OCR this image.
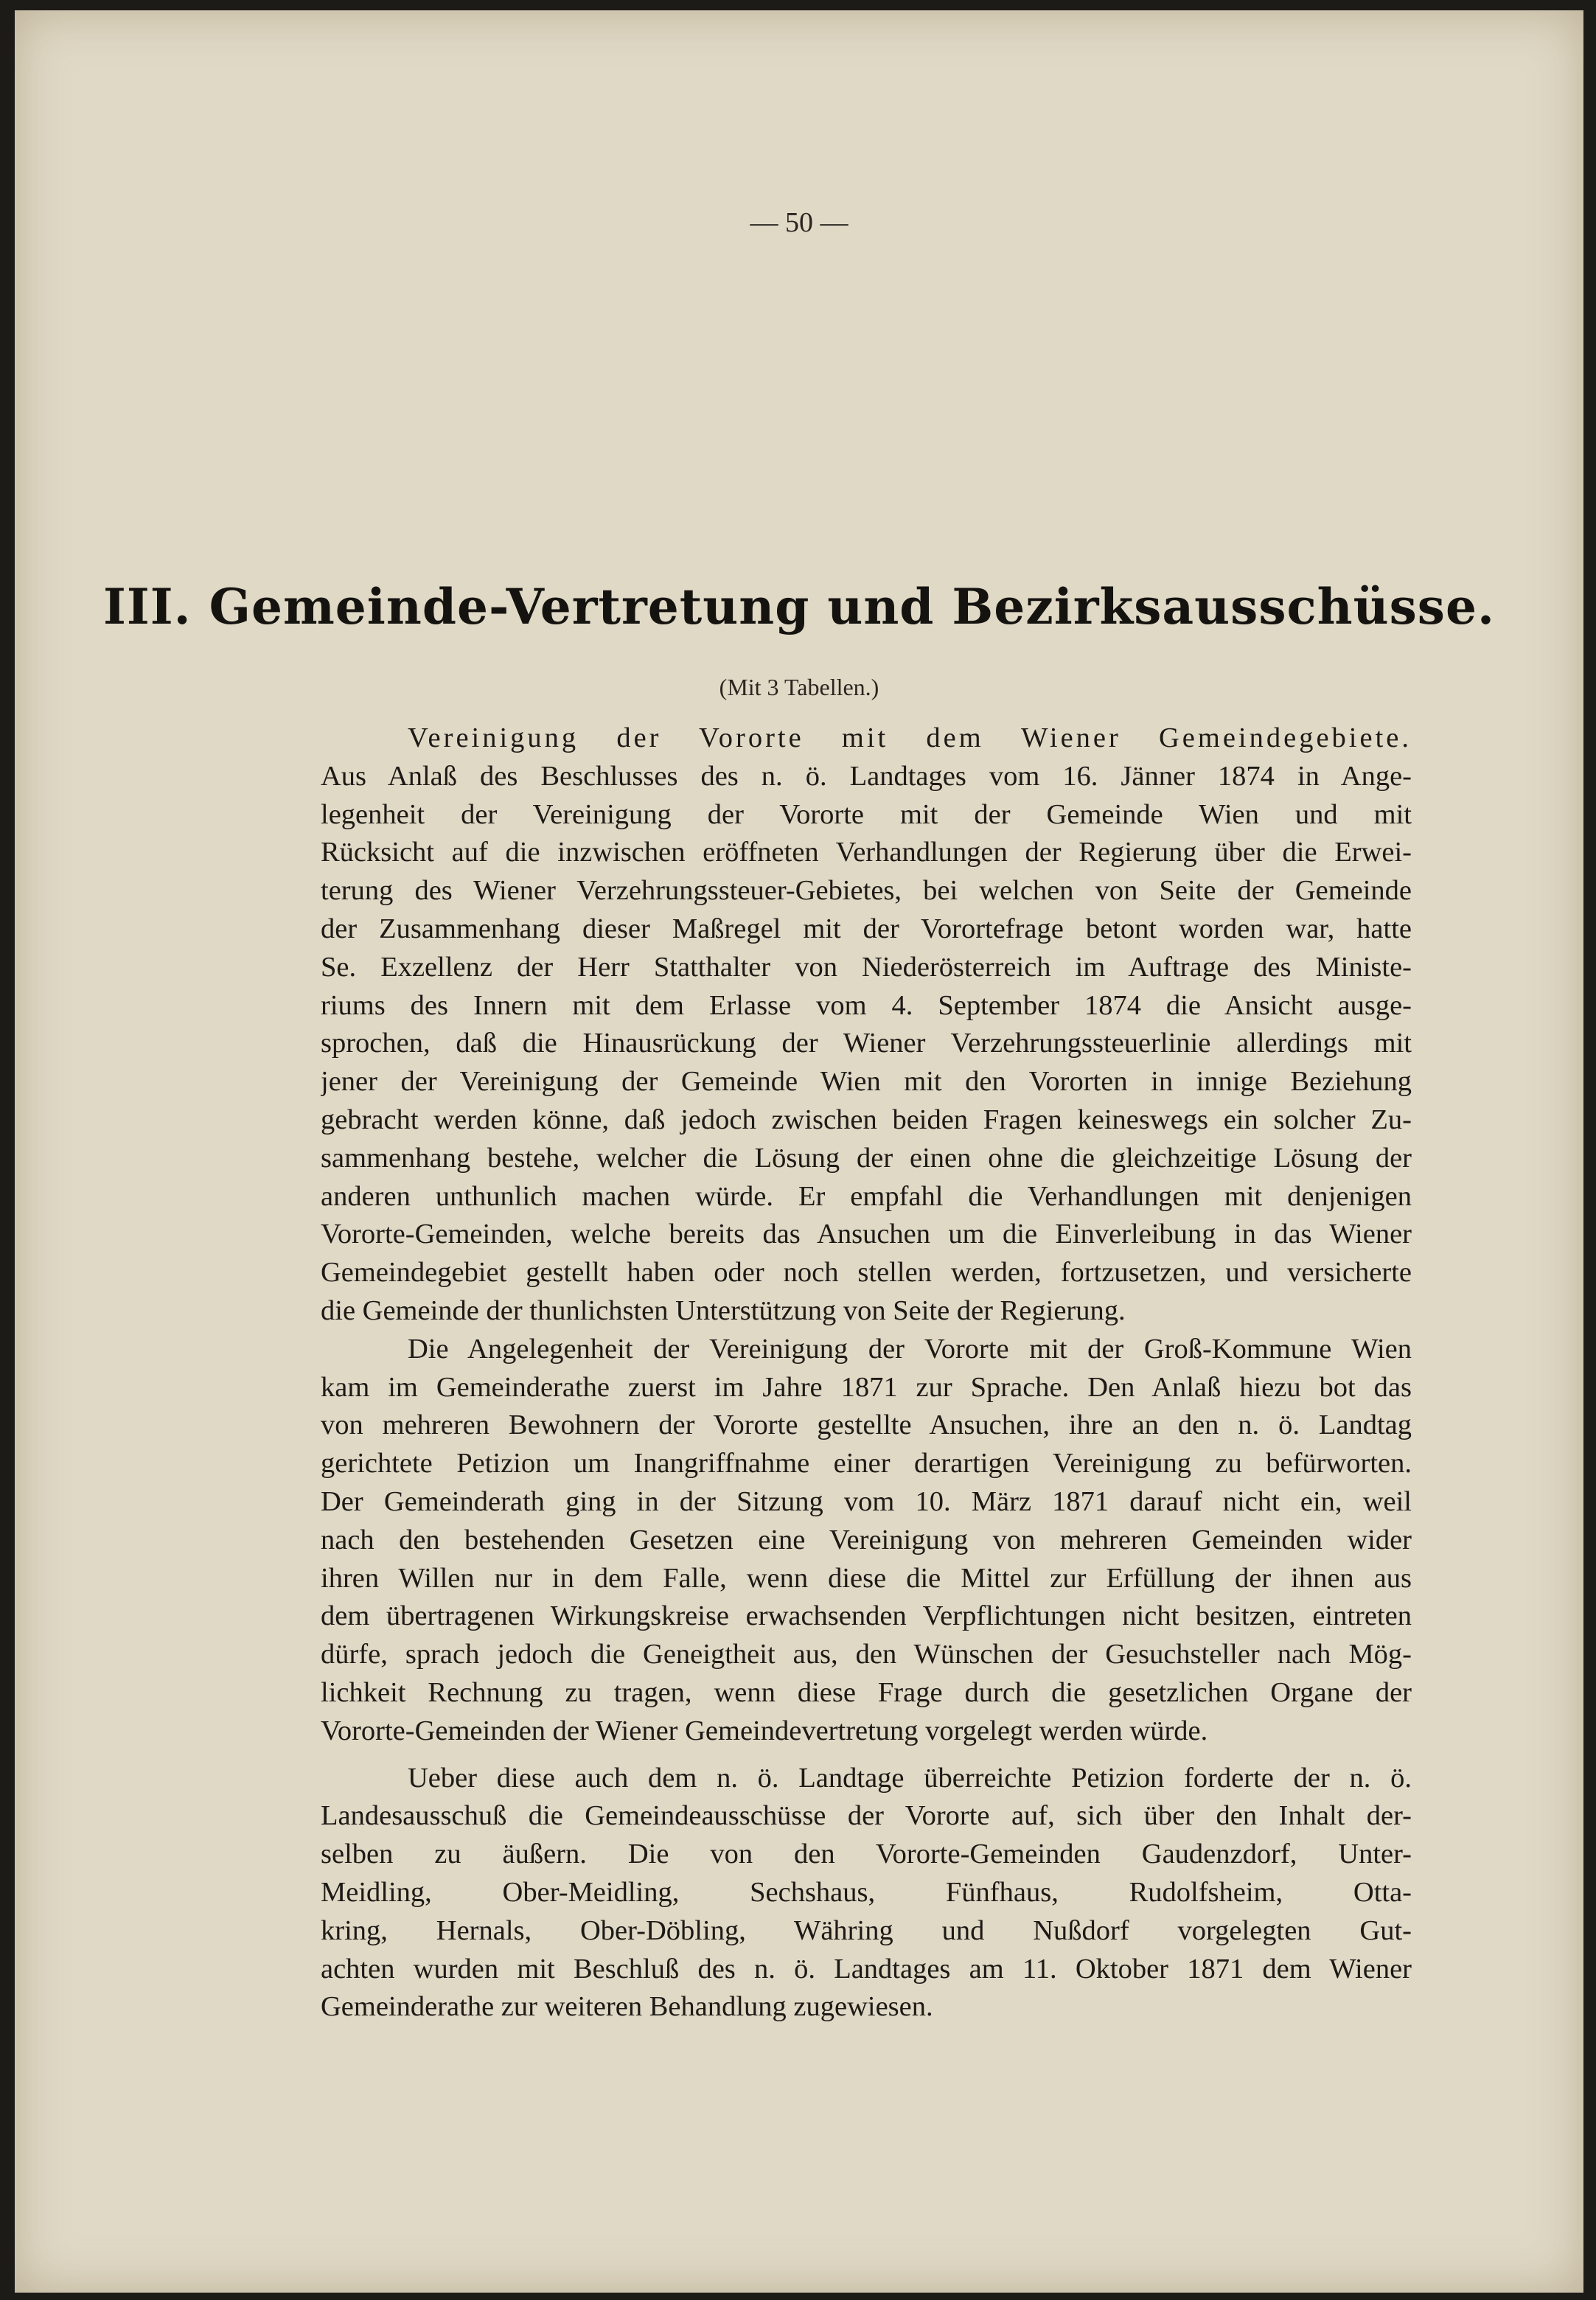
— 50 —
III. Gemeinde-Vertretung und Bezirksausschüsse.
(Mit 3 Tabellen.)
Vereinigung der Vororte mit dem Wiener Gemeindegebiete.
Aus Anlaß des Beschlusses des n. ö. Landtages vom 16. Jänner 1874 in Ange-
legenheit der Vereinigung der Vororte mit der Gemeinde Wien und mit
Rücksicht auf die inzwischen eröffneten Verhandlungen der Regierung über die Erwei-
terung des Wiener Verzehrungssteuer-Gebietes, bei welchen von Seite der Gemeinde
der Zusammenhang dieser Maßregel mit der Vorortefrage betont worden war, hatte
Se. Exzellenz der Herr Statthalter von Niederösterreich im Auftrage des Ministe-
riums des Innern mit dem Erlasse vom 4. September 1874 die Ansicht ausge-
sprochen, daß die Hinausrückung der Wiener Verzehrungssteuerlinie allerdings mit
jener der Vereinigung der Gemeinde Wien mit den Vororten in innige Beziehung
gebracht werden könne, daß jedoch zwischen beiden Fragen keineswegs ein solcher Zu-
sammenhang bestehe, welcher die Lösung der einen ohne die gleichzeitige Lösung der
anderen unthunlich machen würde. Er empfahl die Verhandlungen mit denjenigen
Vororte-Gemeinden, welche bereits das Ansuchen um die Einverleibung in das Wiener
Gemeindegebiet gestellt haben oder noch stellen werden, fortzusetzen, und versicherte
die Gemeinde der thunlichsten Unterstützung von Seite der Regierung.
Die Angelegenheit der Vereinigung der Vororte mit der Groß-Kommune Wien
kam im Gemeinderathe zuerst im Jahre 1871 zur Sprache. Den Anlaß hiezu bot das
von mehreren Bewohnern der Vororte gestellte Ansuchen, ihre an den n. ö. Landtag
gerichtete Petizion um Inangriffnahme einer derartigen Vereinigung zu befürworten.
Der Gemeinderath ging in der Sitzung vom 10. März 1871 darauf nicht ein, weil
nach den bestehenden Gesetzen eine Vereinigung von mehreren Gemeinden wider
ihren Willen nur in dem Falle, wenn diese die Mittel zur Erfüllung der ihnen aus
dem übertragenen Wirkungskreise erwachsenden Verpflichtungen nicht besitzen, eintreten
dürfe, sprach jedoch die Geneigtheit aus, den Wünschen der Gesuchsteller nach Mög-
lichkeit Rechnung zu tragen, wenn diese Frage durch die gesetzlichen Organe der
Vororte-Gemeinden der Wiener Gemeindevertretung vorgelegt werden würde.
Ueber diese auch dem n. ö. Landtage überreichte Petizion forderte der n. ö.
Landesausschuß die Gemeindeausschüsse der Vororte auf, sich über den Inhalt der-
selben zu äußern. Die von den Vororte-Gemeinden Gaudenzdorf, Unter-
Meidling, Ober-Meidling, Sechshaus, Fünfhaus, Rudolfsheim, Otta-
kring, Hernals, Ober-Döbling, Währing und Nußdorf vorgelegten Gut-
achten wurden mit Beschluß des n. ö. Landtages am 11. Oktober 1871 dem Wiener
Gemeinderathe zur weiteren Behandlung zugewiesen.
